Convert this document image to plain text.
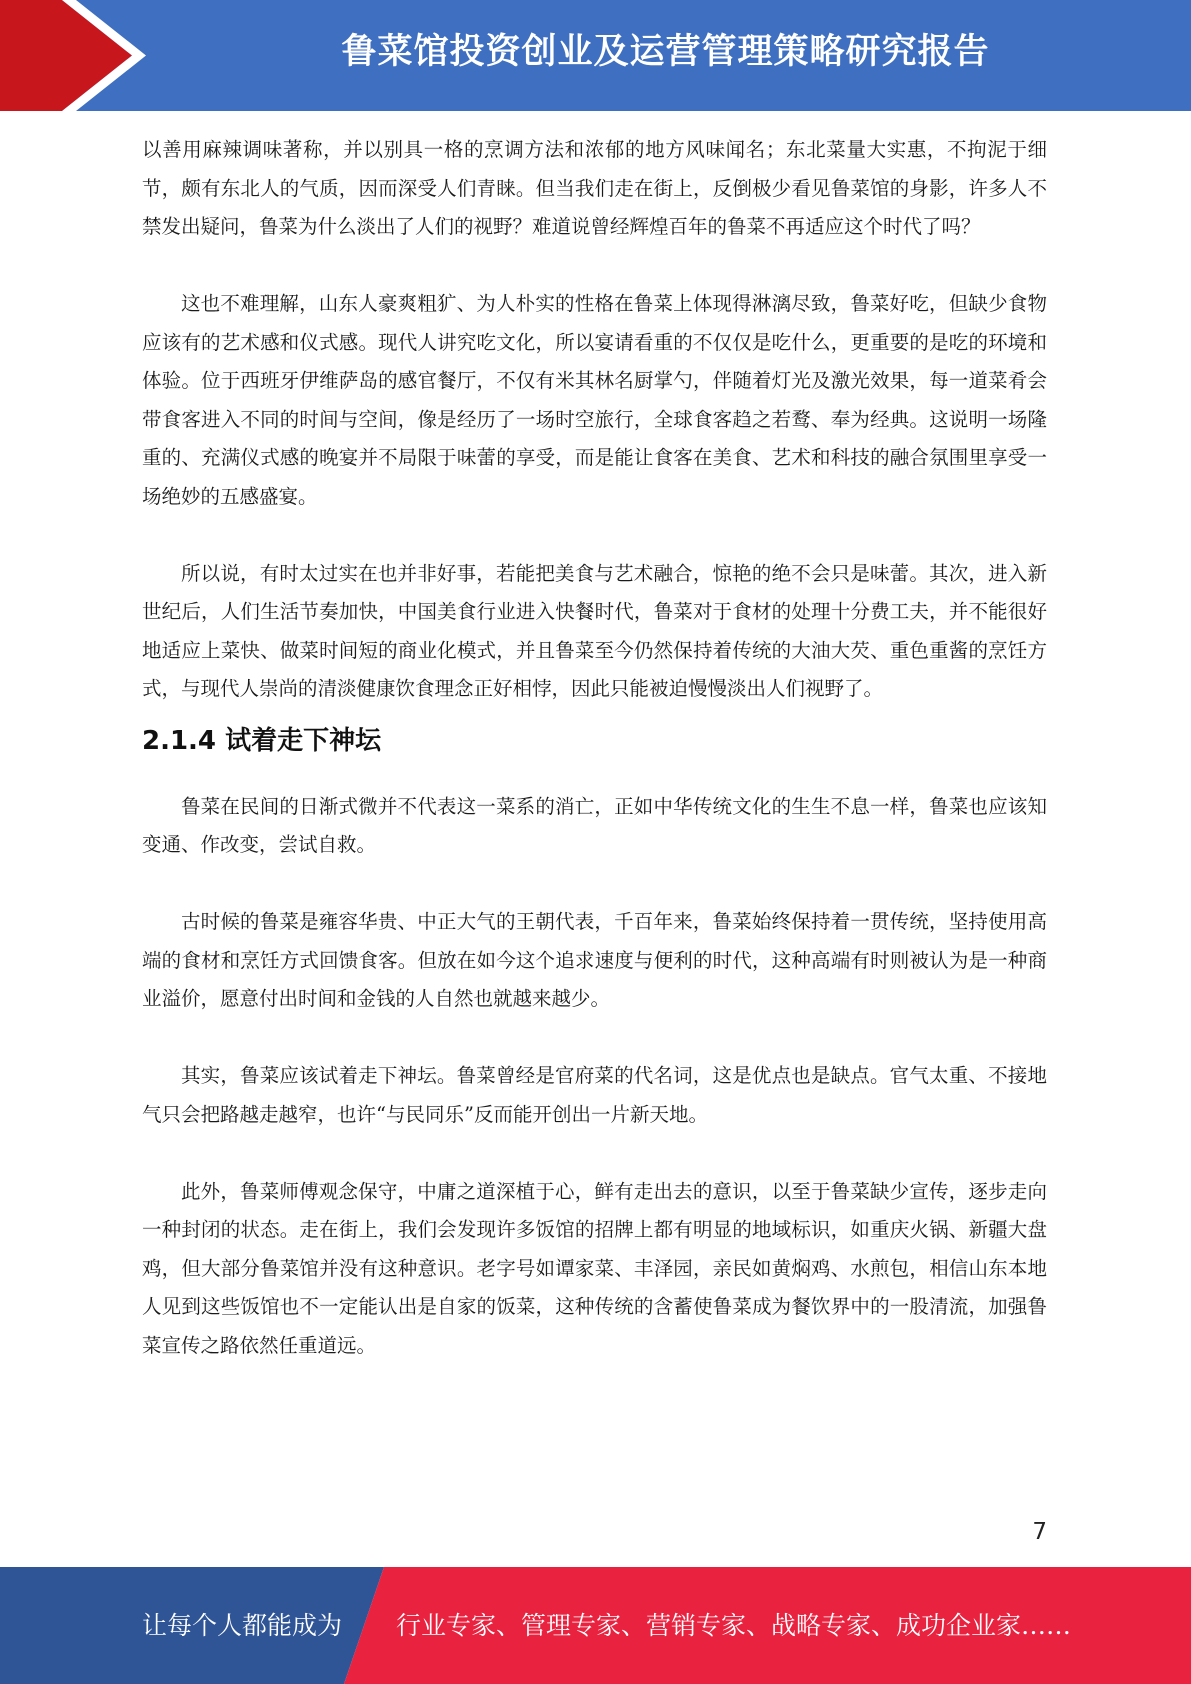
鲁菜馆投资创业及运营管理策略研究报告

以善用麻辣调味著称，并以别具一格的烹调方法和浓郁的地方风味闻名；东北菜量大实惠，不拘泥于细节，颇有东北人的气质，因而深受人们青睐。但当我们走在街上，反倒极少看见鲁菜馆的身影，许多人不禁发出疑问，鲁菜为什么淡出了人们的视野？难道说曾经辉煌百年的鲁菜不再适应这个时代了吗？

这也不难理解，山东人豪爽粗犷、为人朴实的性格在鲁菜上体现得淋漓尽致，鲁菜好吃，但缺少食物应该有的艺术感和仪式感。现代人讲究吃文化，所以宴请看重的不仅仅是吃什么，更重要的是吃的环境和体验。位于西班牙伊维萨岛的感官餐厅，不仅有米其林名厨掌勺，伴随着灯光及激光效果，每一道菜肴会带食客进入不同的时间与空间，像是经历了一场时空旅行，全球食客趋之若鹜、奉为经典。这说明一场隆重的、充满仪式感的晚宴并不局限于味蕾的享受，而是能让食客在美食、艺术和科技的融合氛围里享受一场绝妙的五感盛宴。

所以说，有时太过实在也并非好事，若能把美食与艺术融合，惊艳的绝不会只是味蕾。其次，进入新世纪后，人们生活节奏加快，中国美食行业进入快餐时代，鲁菜对于食材的处理十分费工夫，并不能很好地适应上菜快、做菜时间短的商业化模式，并且鲁菜至今仍然保持着传统的大油大芡、重色重酱的烹饪方式，与现代人崇尚的清淡健康饮食理念正好相悖，因此只能被迫慢慢淡出人们视野了。

2.1.4 试着走下神坛

鲁菜在民间的日渐式微并不代表这一菜系的消亡，正如中华传统文化的生生不息一样，鲁菜也应该知变通、作改变，尝试自救。

古时候的鲁菜是雍容华贵、中正大气的王朝代表，千百年来，鲁菜始终保持着一贯传统，坚持使用高端的食材和烹饪方式回馈食客。但放在如今这个追求速度与便利的时代，这种高端有时则被认为是一种商业溢价，愿意付出时间和金钱的人自然也就越来越少。

其实，鲁菜应该试着走下神坛。鲁菜曾经是官府菜的代名词，这是优点也是缺点。官气太重、不接地气只会把路越走越窄，也许“与民同乐”反而能开创出一片新天地。

此外，鲁菜师傅观念保守，中庸之道深植于心，鲜有走出去的意识，以至于鲁菜缺少宣传，逐步走向一种封闭的状态。走在街上，我们会发现许多饭馆的招牌上都有明显的地域标识，如重庆火锅、新疆大盘鸡，但大部分鲁菜馆并没有这种意识。老字号如谭家菜、丰泽园，亲民如黄焖鸡、水煎包，相信山东本地人见到这些饭馆也不一定能认出是自家的饭菜，这种传统的含蓄使鲁菜成为餐饮界中的一股清流，加强鲁菜宣传之路依然任重道远。

7
让每个人都能成为 行业专家、管理专家、营销专家、战略专家、成功企业家……
